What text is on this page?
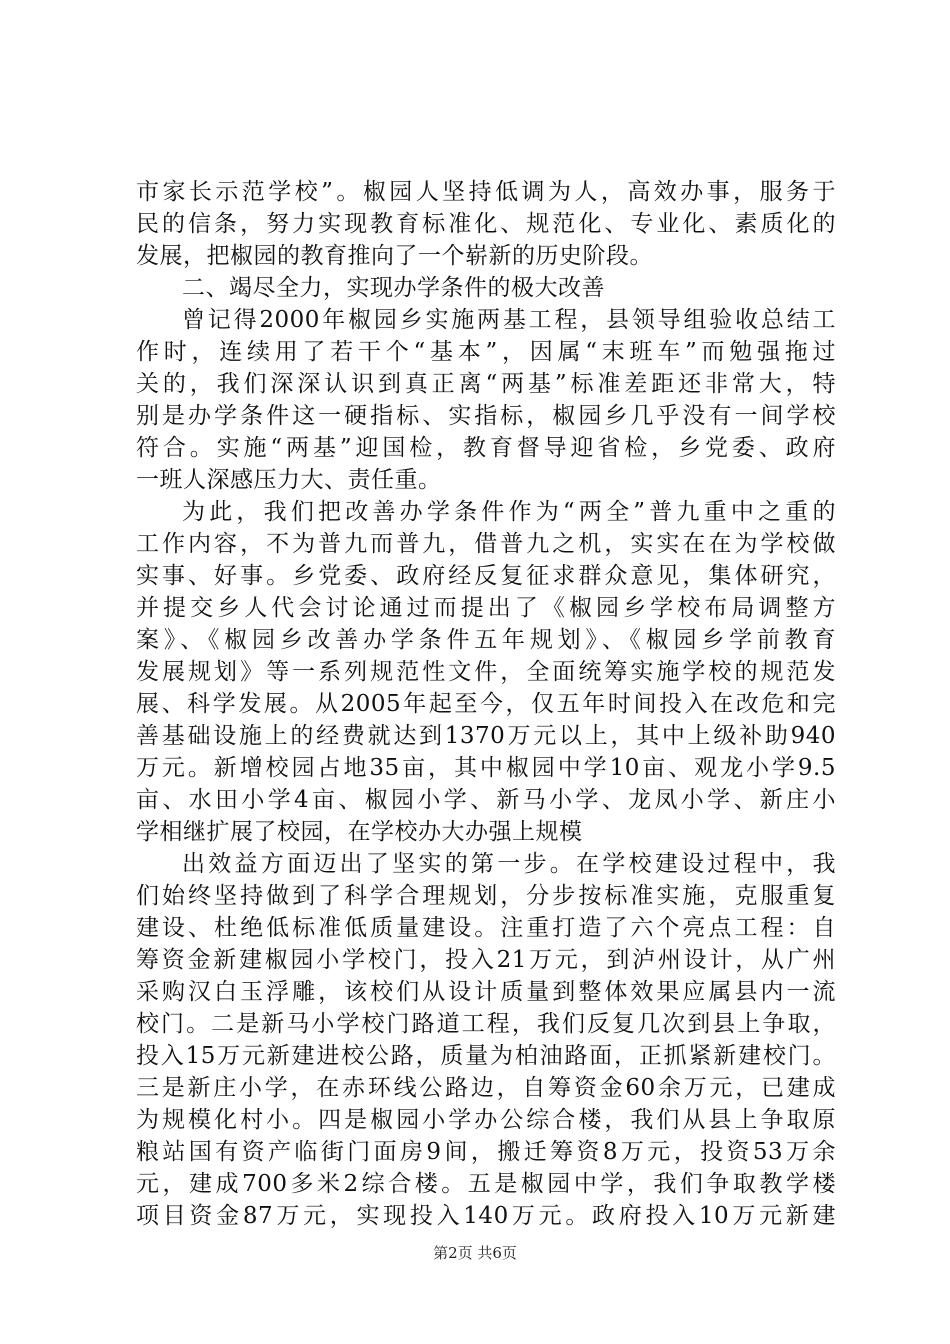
市家长示范学校”。椒园人坚持低调为人，高效办事，服务于
民的信条，努力实现教育标准化、规范化、专业化、素质化的
发展，把椒园的教育推向了一个崭新的历史阶段。
二、竭尽全力，实现办学条件的极大改善
曾记得2000年椒园乡实施两基工程，县领导组验收总结工
作时，连续用了若干个“基本”，因属“末班车”而勉强拖过
关的，我们深深认识到真正离“两基”标准差距还非常大，特
别是办学条件这一硬指标、实指标，椒园乡几乎没有一间学校
符合。实施“两基”迎国检，教育督导迎省检，乡党委、政府
一班人深感压力大、责任重。
为此，我们把改善办学条件作为“两全”普九重中之重的
工作内容，不为普九而普九，借普九之机，实实在在为学校做
实事、好事。乡党委、政府经反复征求群众意见，集体研究，
并提交乡人代会讨论通过而提出了《椒园乡学校布局调整方
案》、《椒园乡改善办学条件五年规划》、《椒园乡学前教育
发展规划》等一系列规范性文件，全面统筹实施学校的规范发
展、科学发展。从2005年起至今，仅五年时间投入在改危和完
善基础设施上的经费就达到1370万元以上，其中上级补助940
万元。新增校园占地35亩，其中椒园中学10亩、观龙小学9.5
亩、水田小学4亩、椒园小学、新马小学、龙凤小学、新庄小
学相继扩展了校园，在学校办大办强上规模
出效益方面迈出了坚实的第一步。在学校建设过程中，我
们始终坚持做到了科学合理规划，分步按标准实施，克服重复
建设、杜绝低标准低质量建设。注重打造了六个亮点工程：自
筹资金新建椒园小学校门，投入21万元，到泸州设计，从广州
采购汉白玉浮雕，该校们从设计质量到整体效果应属县内一流
校门。二是新马小学校门路道工程，我们反复几次到县上争取，
投入15万元新建进校公路，质量为柏油路面，正抓紧新建校门。
三是新庄小学，在赤环线公路边，自筹资金60余万元，已建成
为规模化村小。四是椒园小学办公综合楼，我们从县上争取原
粮站国有资产临街门面房9间，搬迁筹资8万元，投资53万余
元，建成700多米2综合楼。五是椒园中学，我们争取教学楼
项目资金87万元，实现投入140万元。政府投入10万元新建
第2页 共6页
